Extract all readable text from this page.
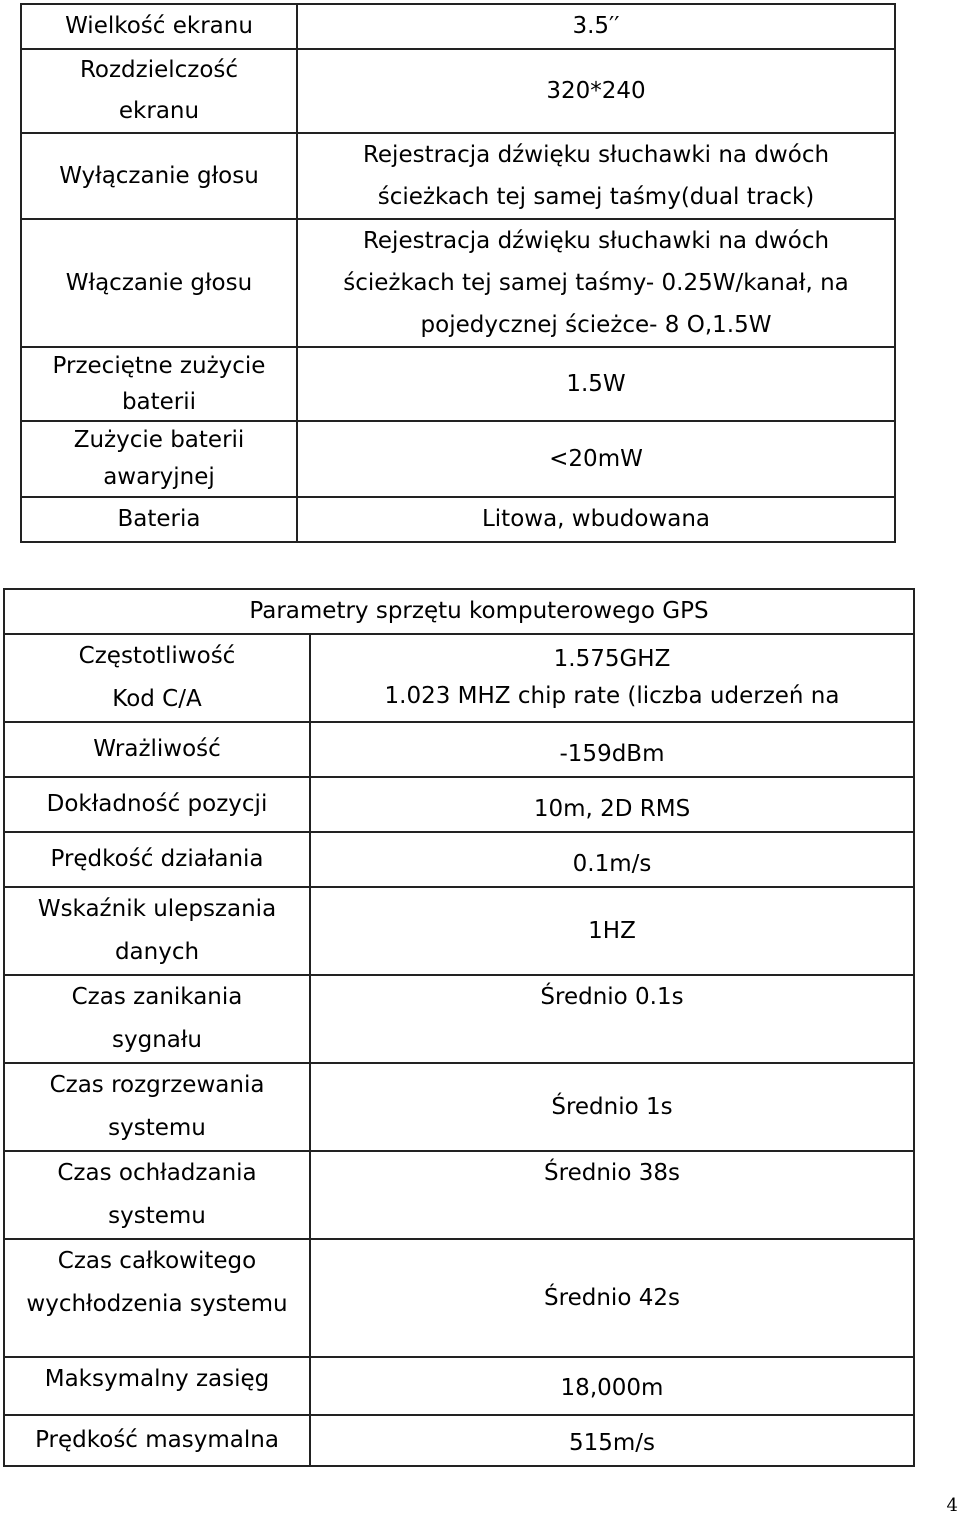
Wielkość ekranu	3.5′′

Rozdzielczość
ekranu	320*240

Wyłączanie głosu	Rejestracja dźwięku słuchawki na dwóch
ścieżkach tej samej taśmy(dual track)

Włączanie głosu	Rejestracja dźwięku słuchawki na dwóch
ścieżkach tej samej taśmy- 0.25W/kanał, na
pojedycznej ścieżce- 8 O,1.5W

Przeciętne zużycie
baterii	1.5W

Zużycie baterii
awaryjnej	<20mW

Bateria	Litowa, wbudowana
Parametry sprzętu komputerowego GPS	

Częstotliwość
Kod C/A	1.575GHZ
1.023 MHZ chip rate (liczba uderzeń na

Wrażliwość	-159dBm

Dokładność pozycji	10m, 2D RMS

Prędkość działania	0.1m/s

Wskaźnik ulepszania
danych	1HZ

Czas zanikania
sygnału	Średnio 0.1s

Czas rozgrzewania
systemu	Średnio 1s

Czas ochładzania
systemu	Średnio 38s

Czas całkowitego
wychłodzenia systemu	Średnio 42s

Maksymalny zasięg	18,000m

Prędkość masymalna	515m/s
4
